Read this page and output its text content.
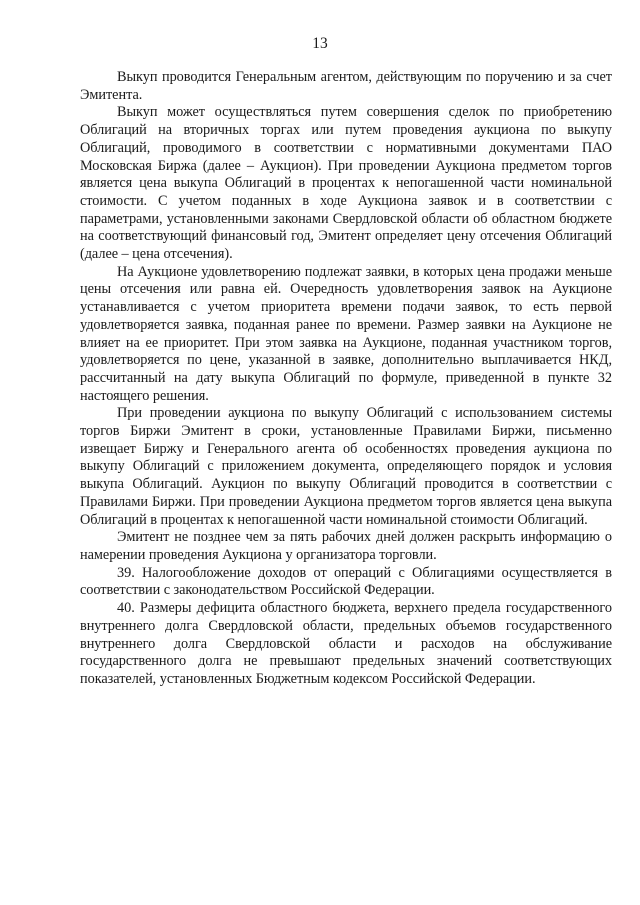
13

Выкуп проводится Генеральным агентом, действующим по поручению и за счет Эмитента.

Выкуп может осуществляться путем совершения сделок по приобретению Облигаций на вторичных торгах или путем проведения аукциона по выкупу Облигаций, проводимого в соответствии с нормативными документами ПАО Московская Биржа (далее – Аукцион). При проведении Аукциона предметом торгов является цена выкупа Облигаций в процентах к непогашенной части номинальной стоимости. С учетом поданных в ходе Аукциона заявок и в соответствии с параметрами, установленными законами Свердловской области об областном бюджете на соответствующий финансовый год, Эмитент определяет цену отсечения Облигаций (далее – цена отсечения).

На Аукционе удовлетворению подлежат заявки, в которых цена продажи меньше цены отсечения или равна ей. Очередность удовлетворения заявок на Аукционе устанавливается с учетом приоритета времени подачи заявок, то есть первой удовлетворяется заявка, поданная ранее по времени. Размер заявки на Аукционе не влияет на ее приоритет. При этом заявка на Аукционе, поданная участником торгов, удовлетворяется по цене, указанной в заявке, дополнительно выплачивается НКД, рассчитанный на дату выкупа Облигаций по формуле, приведенной в пункте 32 настоящего решения.

При проведении аукциона по выкупу Облигаций с использованием системы торгов Биржи Эмитент в сроки, установленные Правилами Биржи, письменно извещает Биржу и Генерального агента об особенностях проведения аукциона по выкупу Облигаций с приложением документа, определяющего порядок и условия выкупа Облигаций. Аукцион по выкупу Облигаций проводится в соответствии с Правилами Биржи. При проведении Аукциона предметом торгов является цена выкупа Облигаций в процентах к непогашенной части номинальной стоимости Облигаций.

Эмитент не позднее чем за пять рабочих дней должен раскрыть информацию о намерении проведения Аукциона у организатора торговли.

39. Налогообложение доходов от операций с Облигациями осуществляется в соответствии с законодательством Российской Федерации.

40. Размеры дефицита областного бюджета, верхнего предела государственного внутреннего долга Свердловской области, предельных объемов государственного внутреннего долга Свердловской области и расходов на обслуживание государственного долга не превышают предельных значений соответствующих показателей, установленных Бюджетным кодексом Российской Федерации.
